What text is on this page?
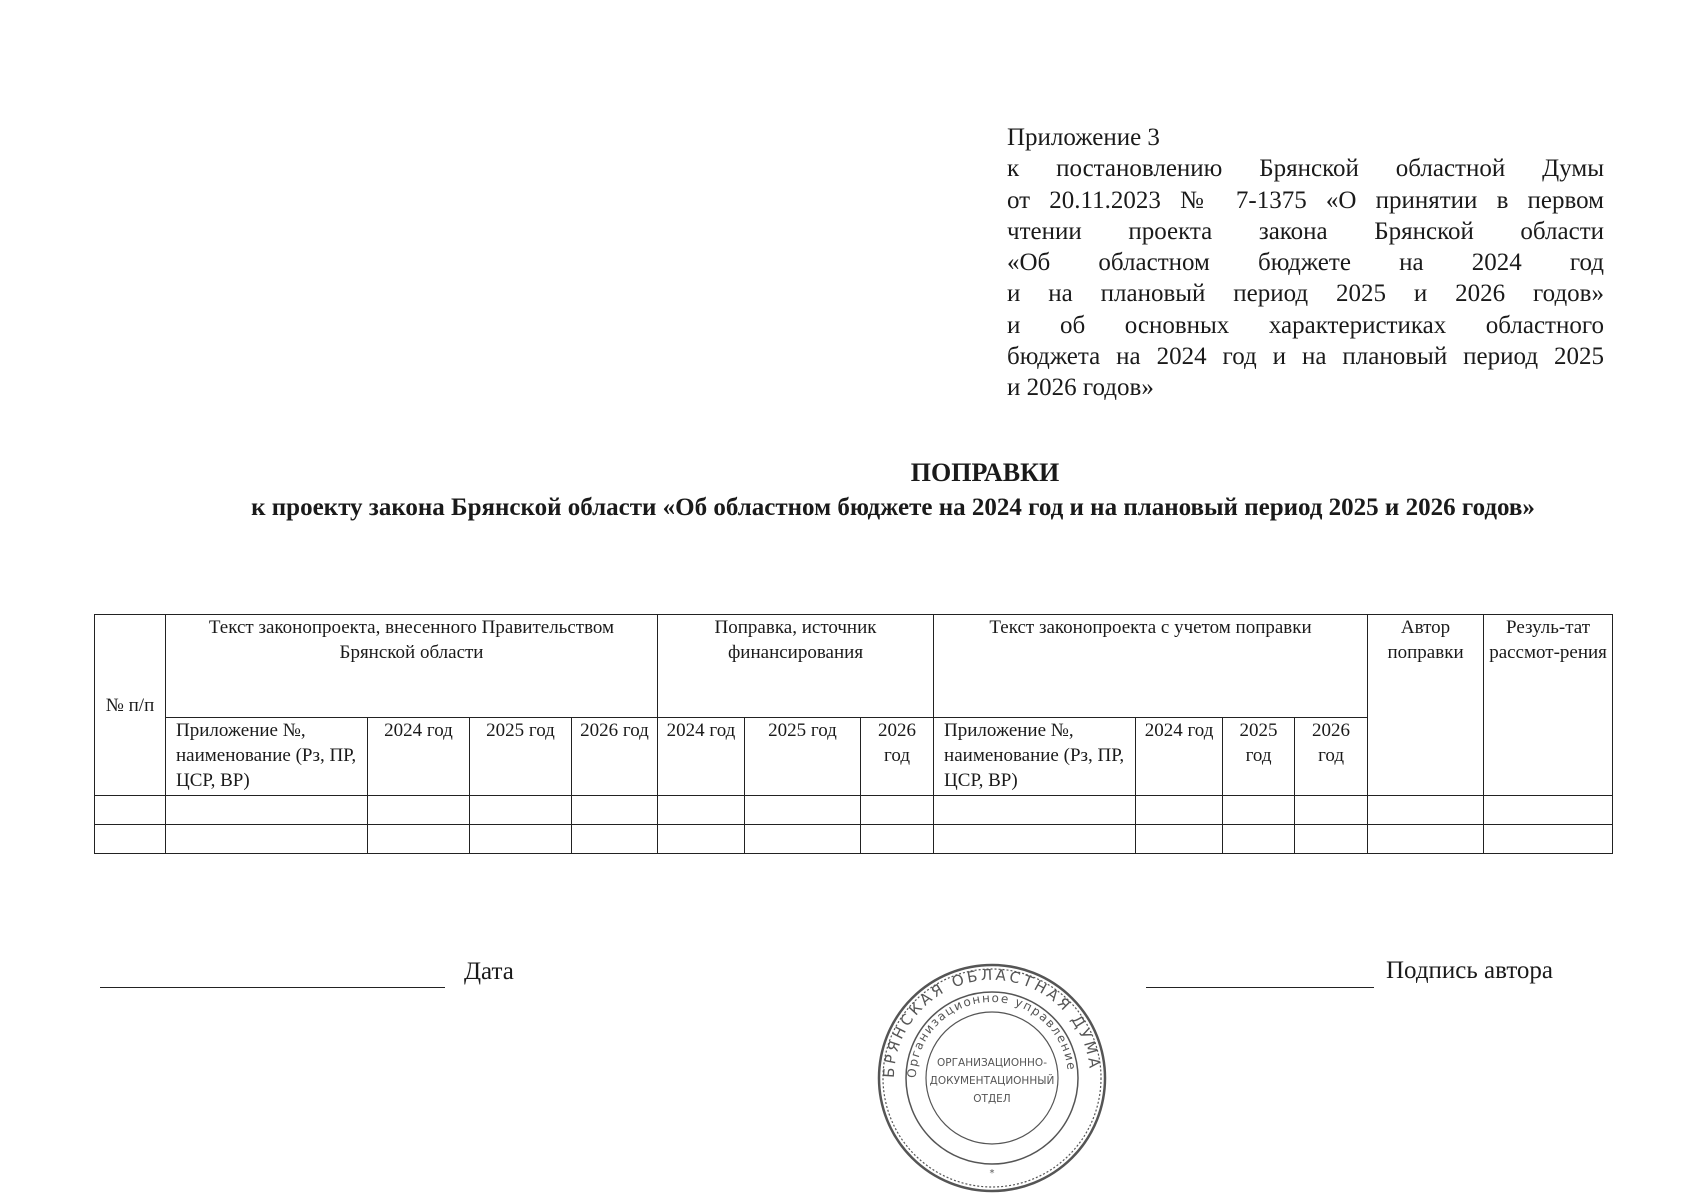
Приложение 3
к постановлению Брянской областной Думы
от 20.11.2023 № 7-1375 «О принятии в первом
чтении проекта закона Брянской области
«Об областном бюджете на 2024 год
и на плановый период 2025 и 2026 годов»
и об основных характеристиках областного
бюджета на 2024 год и на плановый период 2025
и 2026 годов»
ПОПРАВКИ
к проекту закона Брянской области «Об областном бюджете на 2024 год и на плановый период 2025 и 2026 годов»
№ п/п	Текст законопроекта, внесенного Правительством Брянской области				Поправка, источник финансирования			Текст законопроекта с учетом поправки				Автор поправки	Резуль-тат рассмот-рения
	Приложение №, наименование (Рз, ПР, ЦСР, ВР)	2024 год	2025 год	2026 год	2024 год	2025 год	2026 год	Приложение №, наименование (Рз, ПР, ЦСР, ВР)	2024 год	2025 год	2026 год		

Дата	Подпись автора
БРЯНСКАЯ ОБЛАСТНАЯ ДУМА
Организационное управление
ОРГАНИЗАЦИОННО-
ДОКУМЕНТАЦИОННЫЙ
ОТДЕЛ
*
